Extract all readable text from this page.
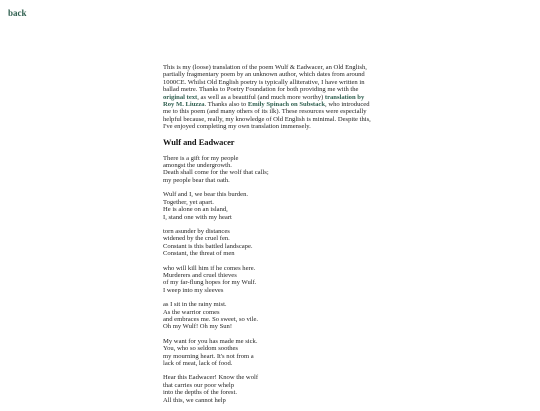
back

This is my (loose) translation of the poem Wulf & Eadwacer, an Old English, partially fragmentary poem by an unknown author, which dates from around 1000CE. Whilst Old English poetry is typically alliterative, I have written in ballad metre. Thanks to Poetry Foundation for both providing me with the original text, as well as a beautiful (and much more worthy) translation by Roy M. Liuzza. Thanks also to Emily Spinach on Substack, who introduced me to this poem (and many others of its ilk). These resources were especially helpful because, really, my knowledge of Old English is minimal. Despite this, I've enjoyed completing my own translation immensely.

Wulf and Eadwacer

There is a gift for my people
amongst the undergrowth.
Death shall come for the wolf that calls;
my people bear that oath.

Wulf and I, we bear this burden.
Together, yet apart.
He is alone on an island,
I, stand one with my heart

torn asunder by distances
widened by the cruel fen.
Constant is this battled landscape.
Constant, the threat of men

who will kill him if he comes here.
Murderers and cruel thieves
of my far-flung hopes for my Wulf.
I weep into my sleeves

as I sit in the rainy mist.
As the warrior comes
and embraces me. So sweet, so vile.
Oh my Wulf! Oh my Sun!

My want for you has made me sick.
You, who so seldom soothes
my mourning heart. It's not from a
lack of meat, lack of food.

Hear this Eadwacer! Know the wolf
that carries our poor whelp
into the depths of the forest.
All this, we cannot help
